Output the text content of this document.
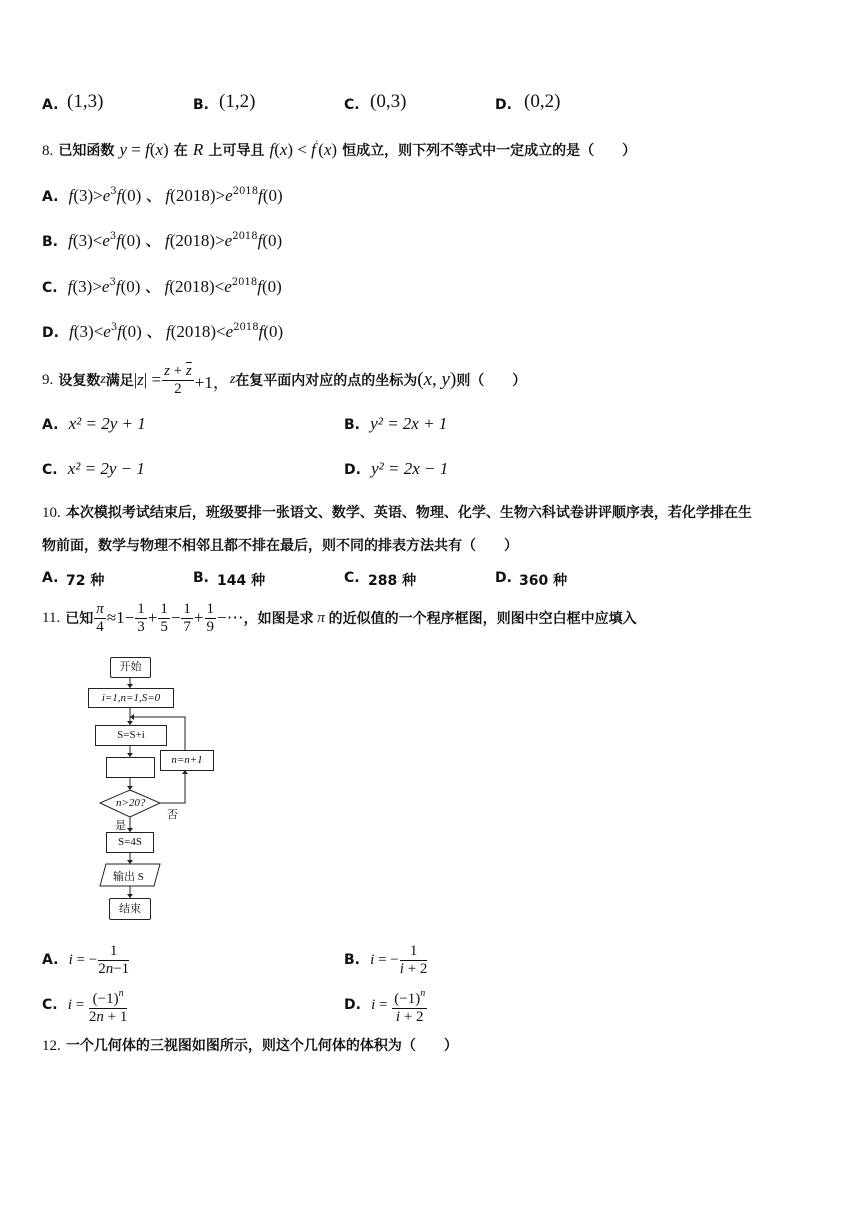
A. (1,3)	B. (1,2)	C. (0,3)	D. (0,2)
8. 已知函数 y = f(x) 在 R 上可导且 f(x) < f′(x) 恒成立，则下列不等式中一定成立的是（　　）
A. $f(3)>e^3f(0)$ 、 $f(2018)>e^{2018}f(0)$
B. $f(3)<e^3f(0)$ 、 $f(2018)>e^{2018}f(0)$
C. $f(3)>e^3f(0)$ 、 $f(2018)<e^{2018}f(0)$
D. $f(3)<e^3f(0)$ 、 $f(2018)<e^{2018}f(0)$
9.
设复数 z 满足 $|z| = \frac{z + \overline{z}}{2} +1$， z 在复平面内对应的点的坐标为 (x, y) 则（　　）
A. x² = 2y + 1	B. y² = 2x + 1
C. x² = 2y − 1	D. y² = 2x − 1
10. 本次模拟考试结束后，班级要排一张语文、数学、英语、物理、化学、生物六科试卷讲评顺序表，若化学排在生
物前面，数学与物理不相邻且都不排在最后，则不同的排表方法共有（　　）
A. 72 种	B. 144 种	C. 288 种	D. 360 种
11.
已知 $\frac{\pi}{4} \approx 1- \frac{1}{3} + \frac{1}{5} - \frac{1}{7} + \frac{1}{9}$ −⋯ ，如图是求 π 的近似值的一个程序框图，则图中空白框中应填入
开始
i=1,n=1,S=0
S=S+i
n=n+1
n>20?
否
是
S=4S
输出 S
结束
A.
i = − $\frac{1}{2n-1}$	B.
i = − $\frac{1}{i + 2}$
C.
$i = \frac{(-1)^n}{2n + 1}$	D.
$i = \frac{(-1)^n}{i + 2}$
12. 一个几何体的三视图如图所示，则这个几何体的体积为（　　）
